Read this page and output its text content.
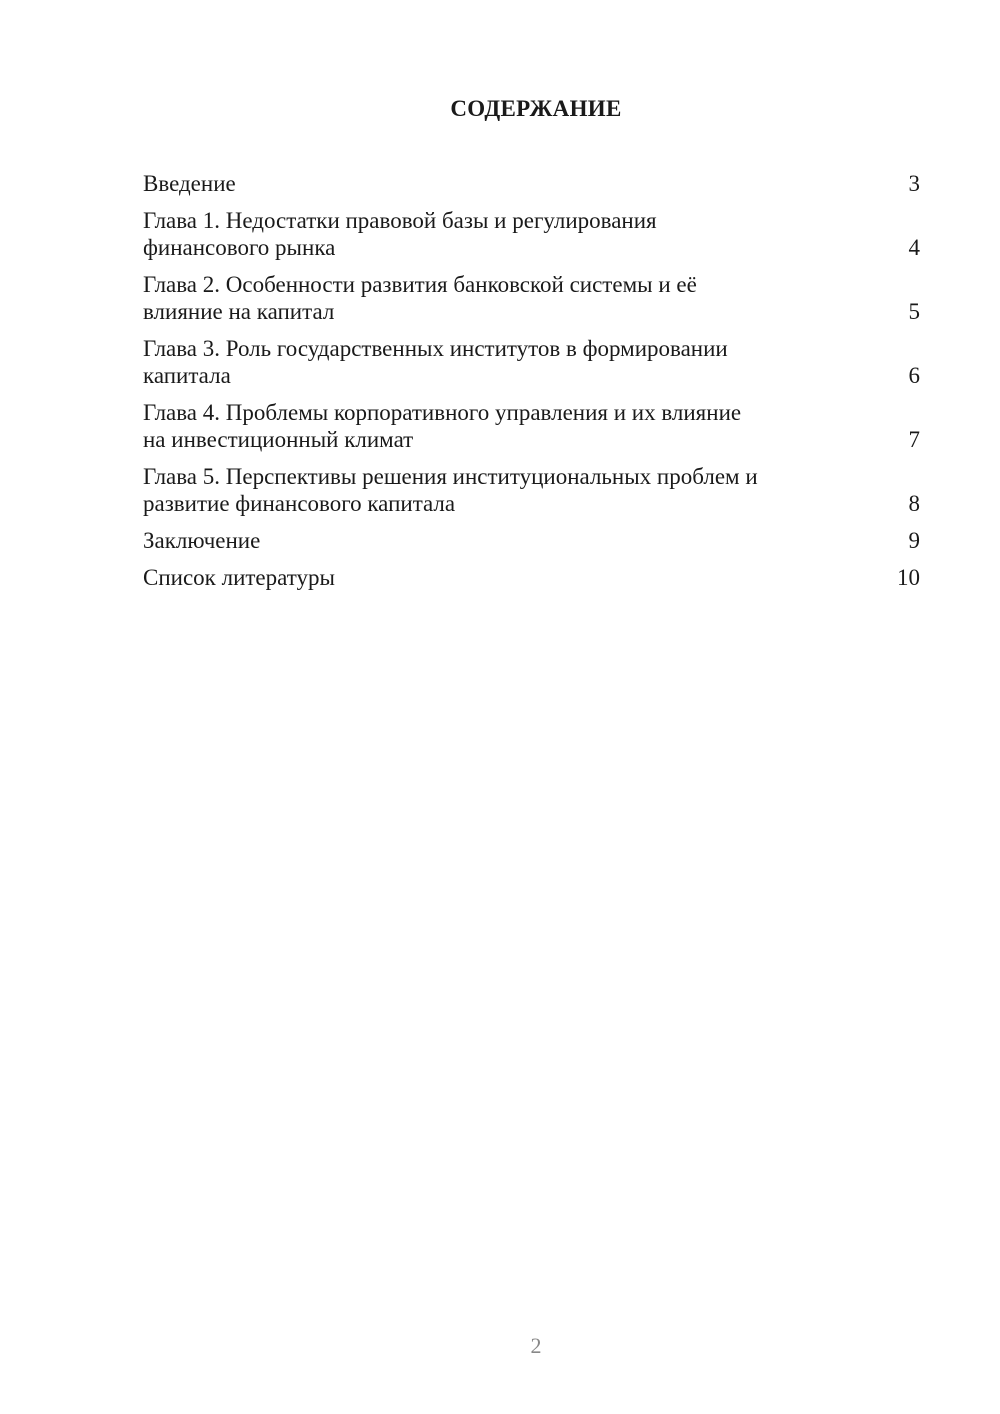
СОДЕРЖАНИЕ
Введение	3
Глава 1. Недостатки правовой базы и регулирования
финансового рынка	4
Глава 2. Особенности развития банковской системы и её
влияние на капитал	5
Глава 3. Роль государственных институтов в формировании
капитала	6
Глава 4. Проблемы корпоративного управления и их влияние
на инвестиционный климат	7
Глава 5. Перспективы решения институциональных проблем и
развитие финансового капитала	8
Заключение	9
Список литературы	10
2
